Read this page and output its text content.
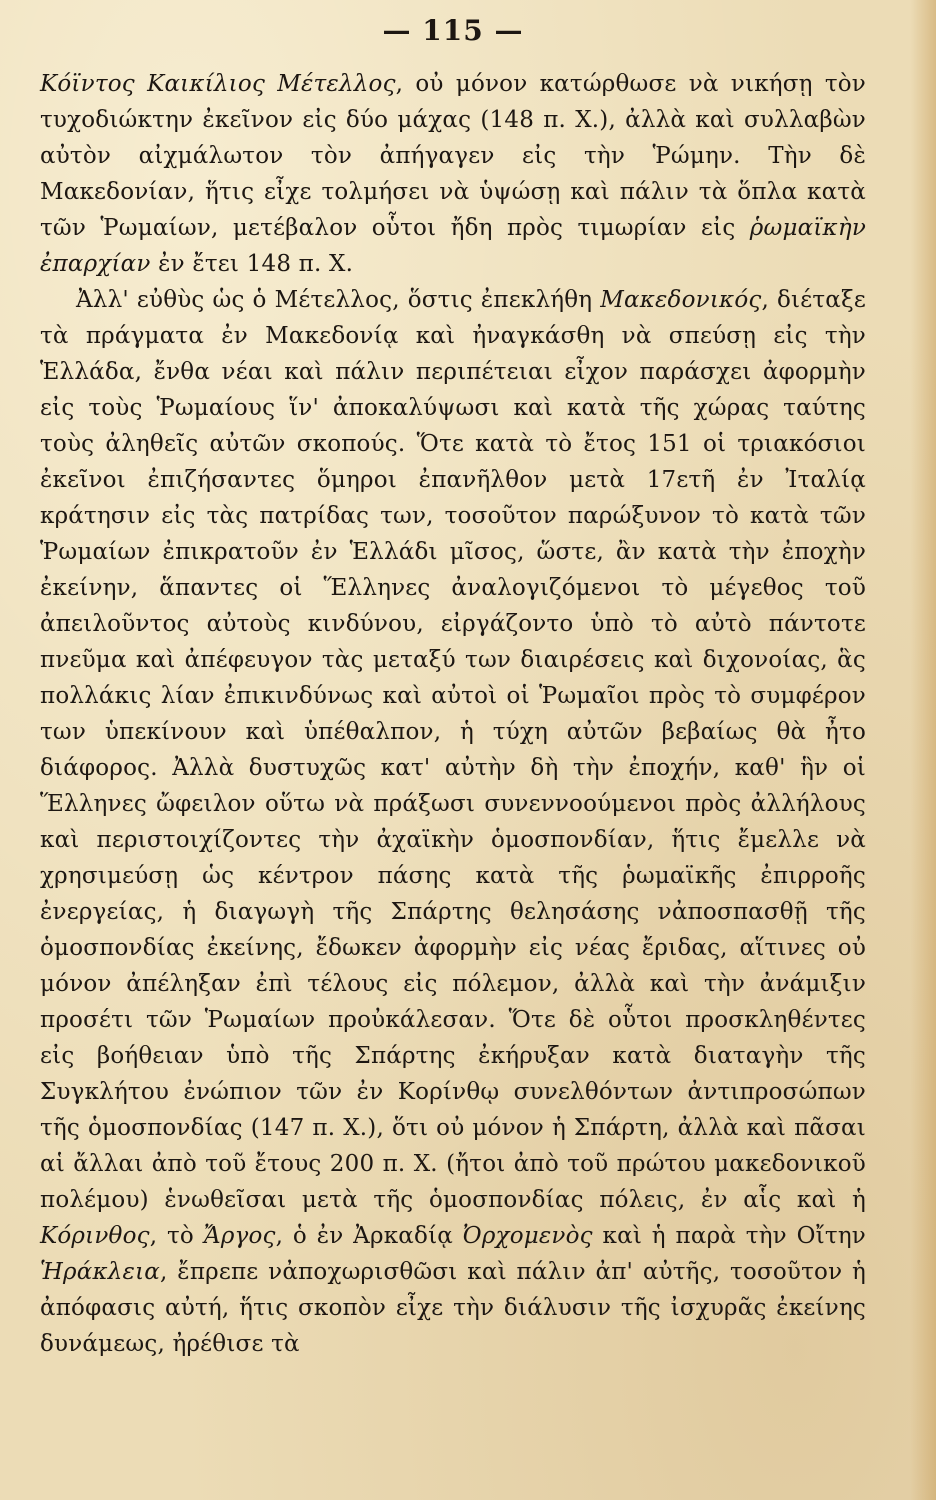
— 115 —

Κόϊντος Καικίλιος Μέτελλος, οὐ μόνον κατώρθωσε νὰ νικήσῃ τὸν τυχοδιώκτην ἐκεῖνον εἰς δύο μάχας (148 π. Χ.), ἀλλὰ καὶ συλλαβὼν αὐτὸν αἰχμάλωτον τὸν ἀπήγαγεν εἰς τὴν Ῥώμην. Τὴν δὲ Μακεδονίαν, ἥτις εἶχε τολμήσει νὰ ὑψώσῃ καὶ πάλιν τὰ ὅπλα κατὰ τῶν Ῥωμαίων, μετέβαλον οὗτοι ἤδη πρὸς τιμωρίαν εἰς ῥωμαϊκὴν ἐπαρχίαν ἐν ἔτει 148 π. Χ.

Ἀλλ' εὐθὺς ὡς ὁ Μέτελλος, ὅστις ἐπεκλήθη Μακεδονικός, διέταξε τὰ πράγματα ἐν Μακεδονίᾳ καὶ ἠναγκάσθη νὰ σπεύσῃ εἰς τὴν Ἑλλάδα, ἔνθα νέαι καὶ πάλιν περιπέτειαι εἶχον παράσχει ἀφορμὴν εἰς τοὺς Ῥωμαίους ἵν' ἀποκαλύψωσι καὶ κατὰ τῆς χώρας ταύτης τοὺς ἀληθεῖς αὐτῶν σκοπούς. Ὅτε κατὰ τὸ ἔτος 151 οἱ τριακόσιοι ἐκεῖνοι ἐπιζήσαντες ὅμηροι ἐπανῆλθον μετὰ 17ετῆ ἐν Ἰταλίᾳ κράτησιν εἰς τὰς πατρίδας των, τοσοῦτον παρώξυνον τὸ κατὰ τῶν Ῥωμαίων ἐπικρατοῦν ἐν Ἑλλάδι μῖσος, ὥστε, ἂν κατὰ τὴν ἐποχὴν ἐκείνην, ἅπαντες οἱ Ἕλληνες ἀναλογιζόμενοι τὸ μέγεθος τοῦ ἀπειλοῦντος αὐτοὺς κινδύνου, εἰργάζοντο ὑπὸ τὸ αὐτὸ πάντοτε πνεῦμα καὶ ἀπέφευγον τὰς μεταξύ των διαιρέσεις καὶ διχονοίας, ἃς πολλάκις λίαν ἐπικινδύνως καὶ αὐτοὶ οἱ Ῥωμαῖοι πρὸς τὸ συμφέρον των ὑπεκίνουν καὶ ὑπέθαλπον, ἡ τύχη αὐτῶν βεβαίως θὰ ἦτο διάφορος. Ἀλλὰ δυστυχῶς κατ' αὐτὴν δὴ τὴν ἐποχήν, καθ' ἣν οἱ Ἕλληνες ὤφειλον οὕτω νὰ πράξωσι συνεννοούμενοι πρὸς ἀλλήλους καὶ περιστοιχίζοντες τὴν ἀχαϊκὴν ὁμοσπονδίαν, ἥτις ἔμελλε νὰ χρησιμεύσῃ ὡς κέντρον πάσης κατὰ τῆς ῥωμαϊκῆς ἐπιρροῆς ἐνεργείας, ἡ διαγωγὴ τῆς Σπάρτης θελησάσης νἀποσπασθῇ τῆς ὁμοσπονδίας ἐκείνης, ἔδωκεν ἀφορμὴν εἰς νέας ἔριδας, αἵτινες οὐ μόνον ἀπέληξαν ἐπὶ τέλους εἰς πόλεμον, ἀλλὰ καὶ τὴν ἀνάμιξιν προσέτι τῶν Ῥωμαίων προὐκάλεσαν. Ὅτε δὲ οὗτοι προσκληθέντες εἰς βοήθειαν ὑπὸ τῆς Σπάρτης ἐκήρυξαν κατὰ διαταγὴν τῆς Συγκλήτου ἐνώπιον τῶν ἐν Κορίνθῳ συνελθόντων ἀντιπροσώπων τῆς ὁμοσπονδίας (147 π. Χ.), ὅτι οὐ μόνον ἡ Σπάρτη, ἀλλὰ καὶ πᾶσαι αἱ ἄλλαι ἀπὸ τοῦ ἔτους 200 π. Χ. (ἤτοι ἀπὸ τοῦ πρώτου μακεδονικοῦ πολέμου) ἑνωθεῖσαι μετὰ τῆς ὁμοσπονδίας πόλεις, ἐν αἷς καὶ ἡ Κόρινθος, τὸ Ἄργος, ὁ ἐν Ἀρκαδίᾳ Ὀρχομενὸς καὶ ἡ παρὰ τὴν Οἴτην Ἡράκλεια, ἔπρεπε νἀποχωρισθῶσι καὶ πάλιν ἀπ' αὐτῆς, τοσοῦτον ἡ ἀπόφασις αὐτή, ἥτις σκοπὸν εἶχε τὴν διάλυσιν τῆς ἰσχυρᾶς ἐκείνης δυνάμεως, ἠρέθισε τὰ
